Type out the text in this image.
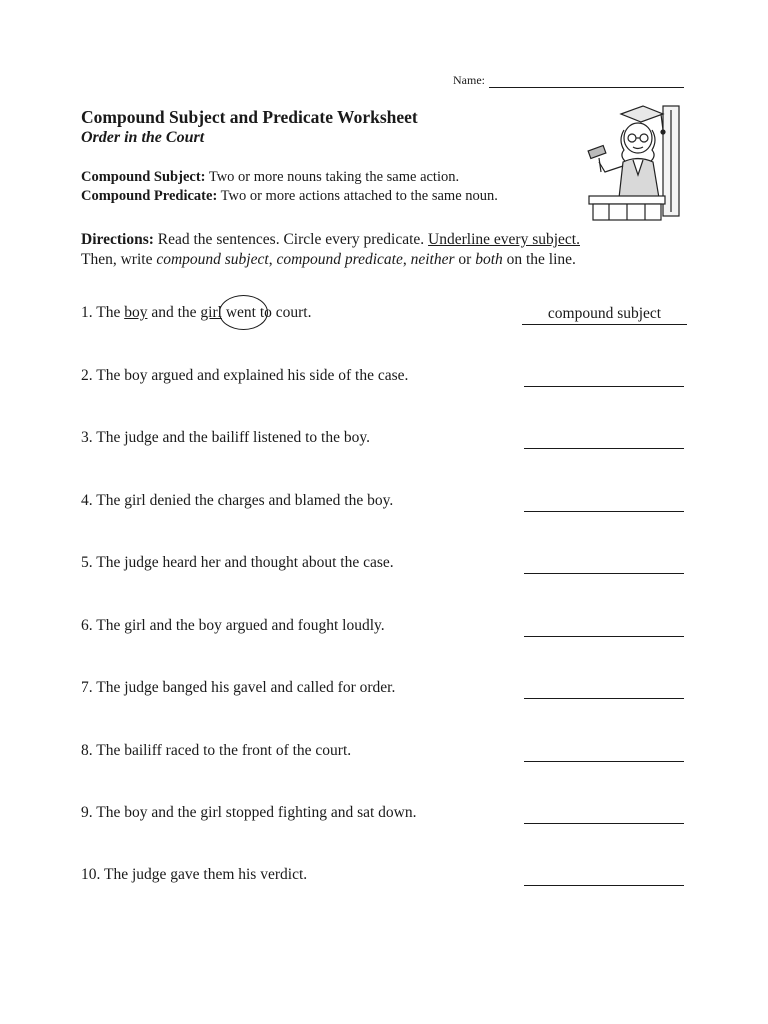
Name:
Compound Subject and Predicate Worksheet
Order in the Court
Compound Subject: Two or more nouns taking the same action.
Compound Predicate: Two or more actions attached to the same noun.
Directions: Read the sentences. Circle every predicate. Underline every subject.
Then, write compound subject, compound predicate, neither or both on the line.
1. The boy and the girl went to court.	compound subject
2. The boy argued and explained his side of the case.
3. The judge and the bailiff listened to the boy.
4. The girl denied the charges and blamed the boy.
5. The judge heard her and thought about the case.
6. The girl and the boy argued and fought loudly.
7. The judge banged his gavel and called for order.
8. The bailiff raced to the front of the court.
9. The boy and the girl stopped fighting and sat down.
10. The judge gave them his verdict.
